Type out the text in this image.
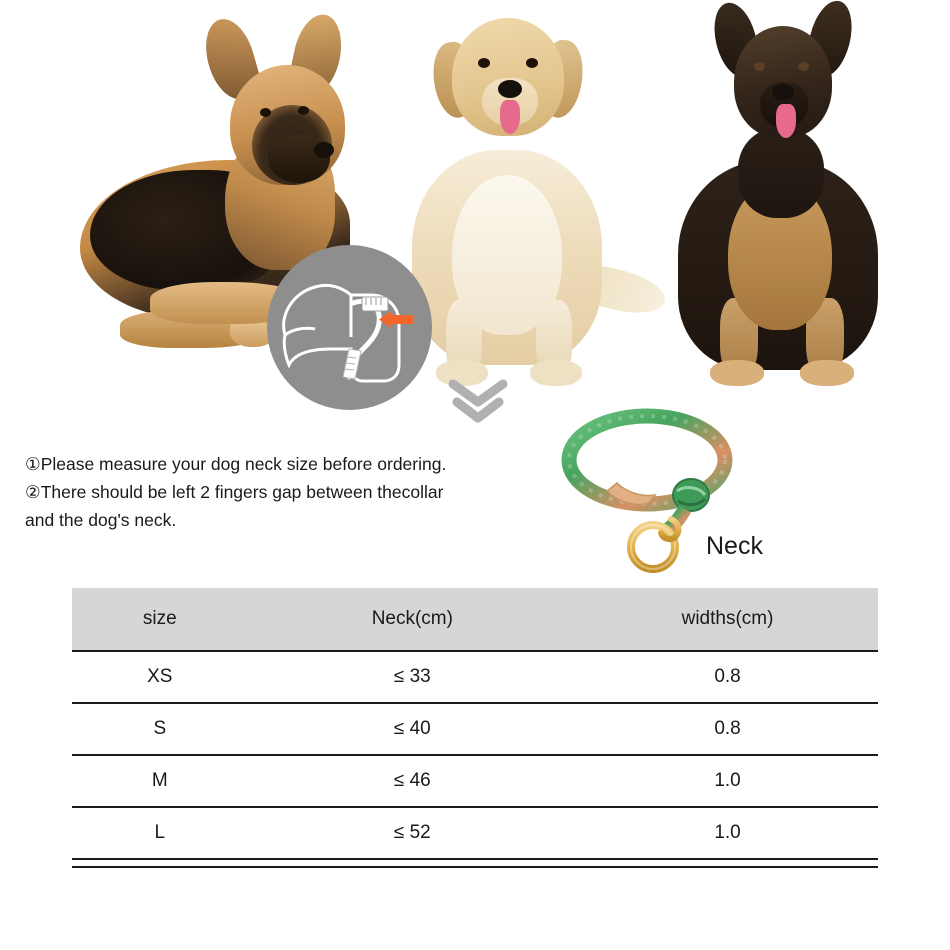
①Please measure your dog neck size before ordering.
②There should be left 2 fingers gap between thecollar
and the dog's neck.
Neck
size	Neck(cm)	widths(cm)
XS	≤ 33	0.8
S	≤ 40	0.8
M	≤ 46	1.0
L	≤ 52	1.0
